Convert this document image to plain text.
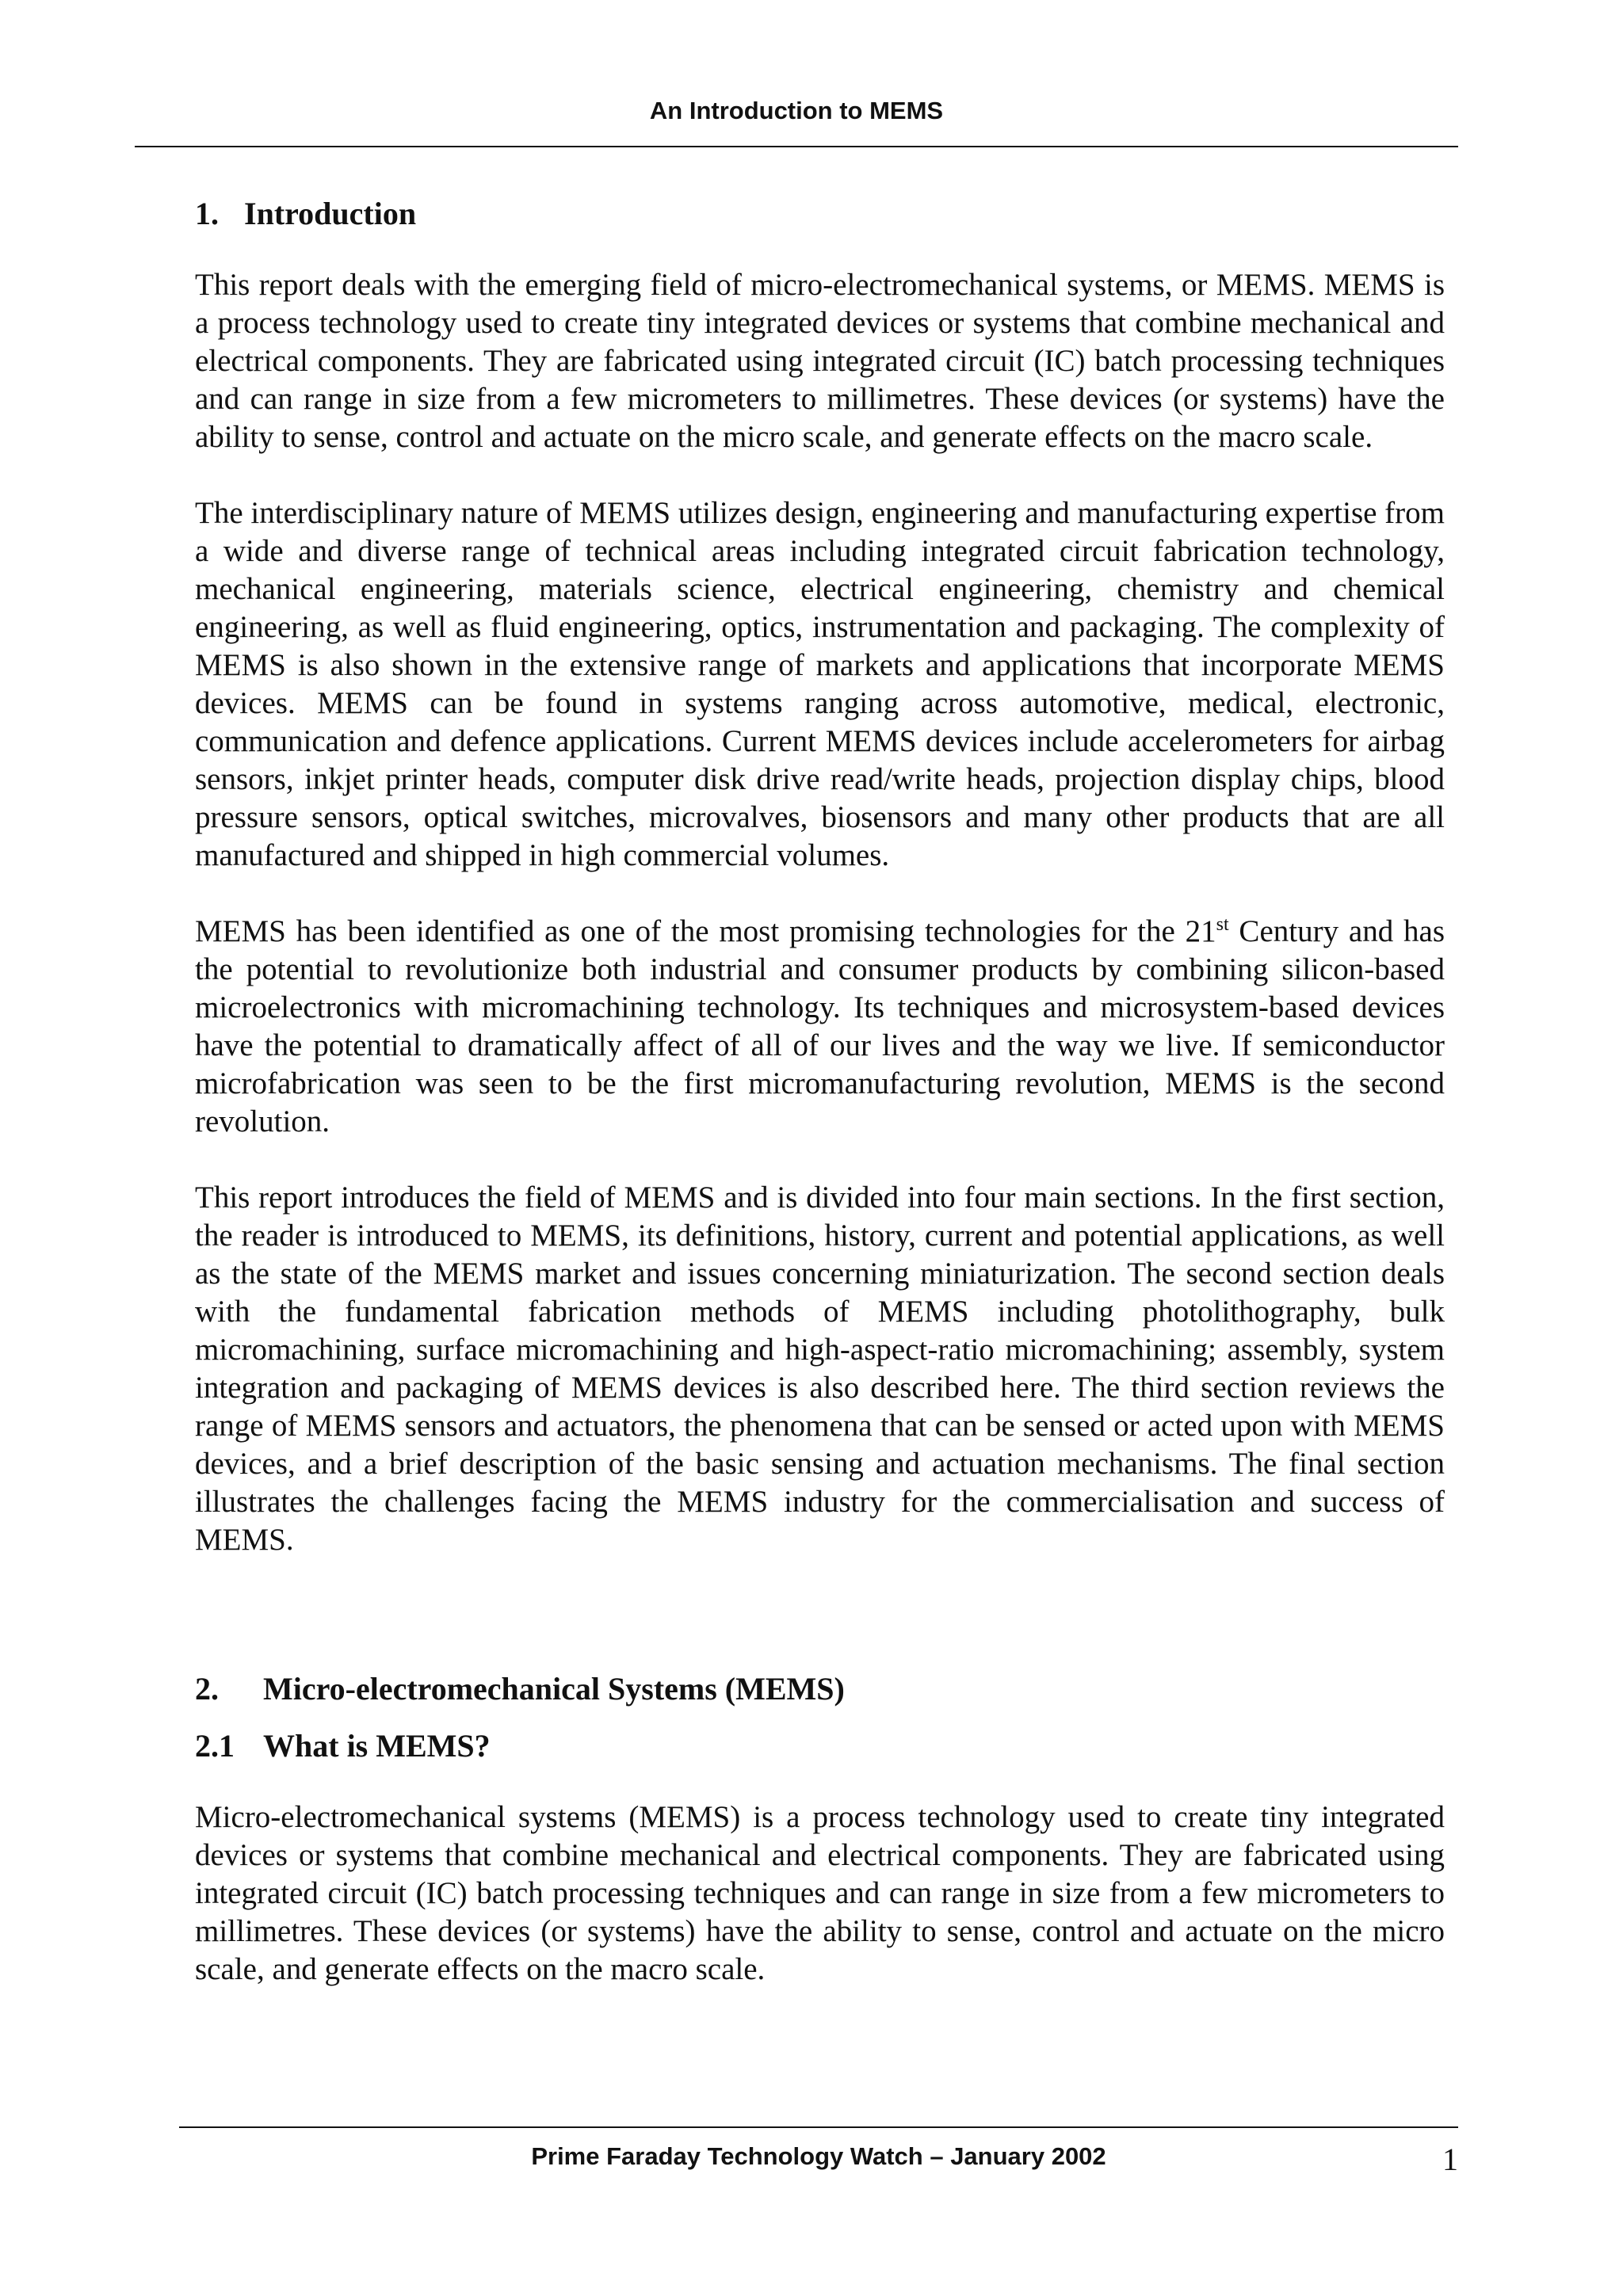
An Introduction to MEMS

1. Introduction

This report deals with the emerging field of micro-electromechanical systems, or MEMS. MEMS is a process technology used to create tiny integrated devices or systems that combine mechanical and electrical components. They are fabricated using integrated circuit (IC) batch processing techniques and can range in size from a few micrometers to millimetres. These devices (or systems) have the ability to sense, control and actuate on the micro scale, and generate effects on the macro scale.

The interdisciplinary nature of MEMS utilizes design, engineering and manufacturing expertise from a wide and diverse range of technical areas including integrated circuit fabrication technology, mechanical engineering, materials science, electrical engineering, chemistry and chemical engineering, as well as fluid engineering, optics, instrumentation and packaging. The complexity of MEMS is also shown in the extensive range of markets and applications that incorporate MEMS devices. MEMS can be found in systems ranging across automotive, medical, electronic, communication and defence applications. Current MEMS devices include accelerometers for airbag sensors, inkjet printer heads, computer disk drive read/write heads, projection display chips, blood pressure sensors, optical switches, microvalves, biosensors and many other products that are all manufactured and shipped in high commercial volumes.

MEMS has been identified as one of the most promising technologies for the 21st Century and has the potential to revolutionize both industrial and consumer products by combining silicon-based microelectronics with micromachining technology. Its techniques and microsystem-based devices have the potential to dramatically affect of all of our lives and the way we live. If semiconductor microfabrication was seen to be the first micromanufacturing revolution, MEMS is the second revolution.

This report introduces the field of MEMS and is divided into four main sections. In the first section, the reader is introduced to MEMS, its definitions, history, current and potential applications, as well as the state of the MEMS market and issues concerning miniaturization. The second section deals with the fundamental fabrication methods of MEMS including photolithography, bulk micromachining, surface micromachining and high-aspect-ratio micromachining; assembly, system integration and packaging of MEMS devices is also described here. The third section reviews the range of MEMS sensors and actuators, the phenomena that can be sensed or acted upon with MEMS devices, and a brief description of the basic sensing and actuation mechanisms. The final section illustrates the challenges facing the MEMS industry for the commercialisation and success of MEMS.

2. Micro-electromechanical Systems (MEMS)
2.1 What is MEMS?

Micro-electromechanical systems (MEMS) is a process technology used to create tiny integrated devices or systems that combine mechanical and electrical components. They are fabricated using integrated circuit (IC) batch processing techniques and can range in size from a few micrometers to millimetres. These devices (or systems) have the ability to sense, control and actuate on the micro scale, and generate effects on the macro scale.

Prime Faraday Technology Watch – January 2002	1
